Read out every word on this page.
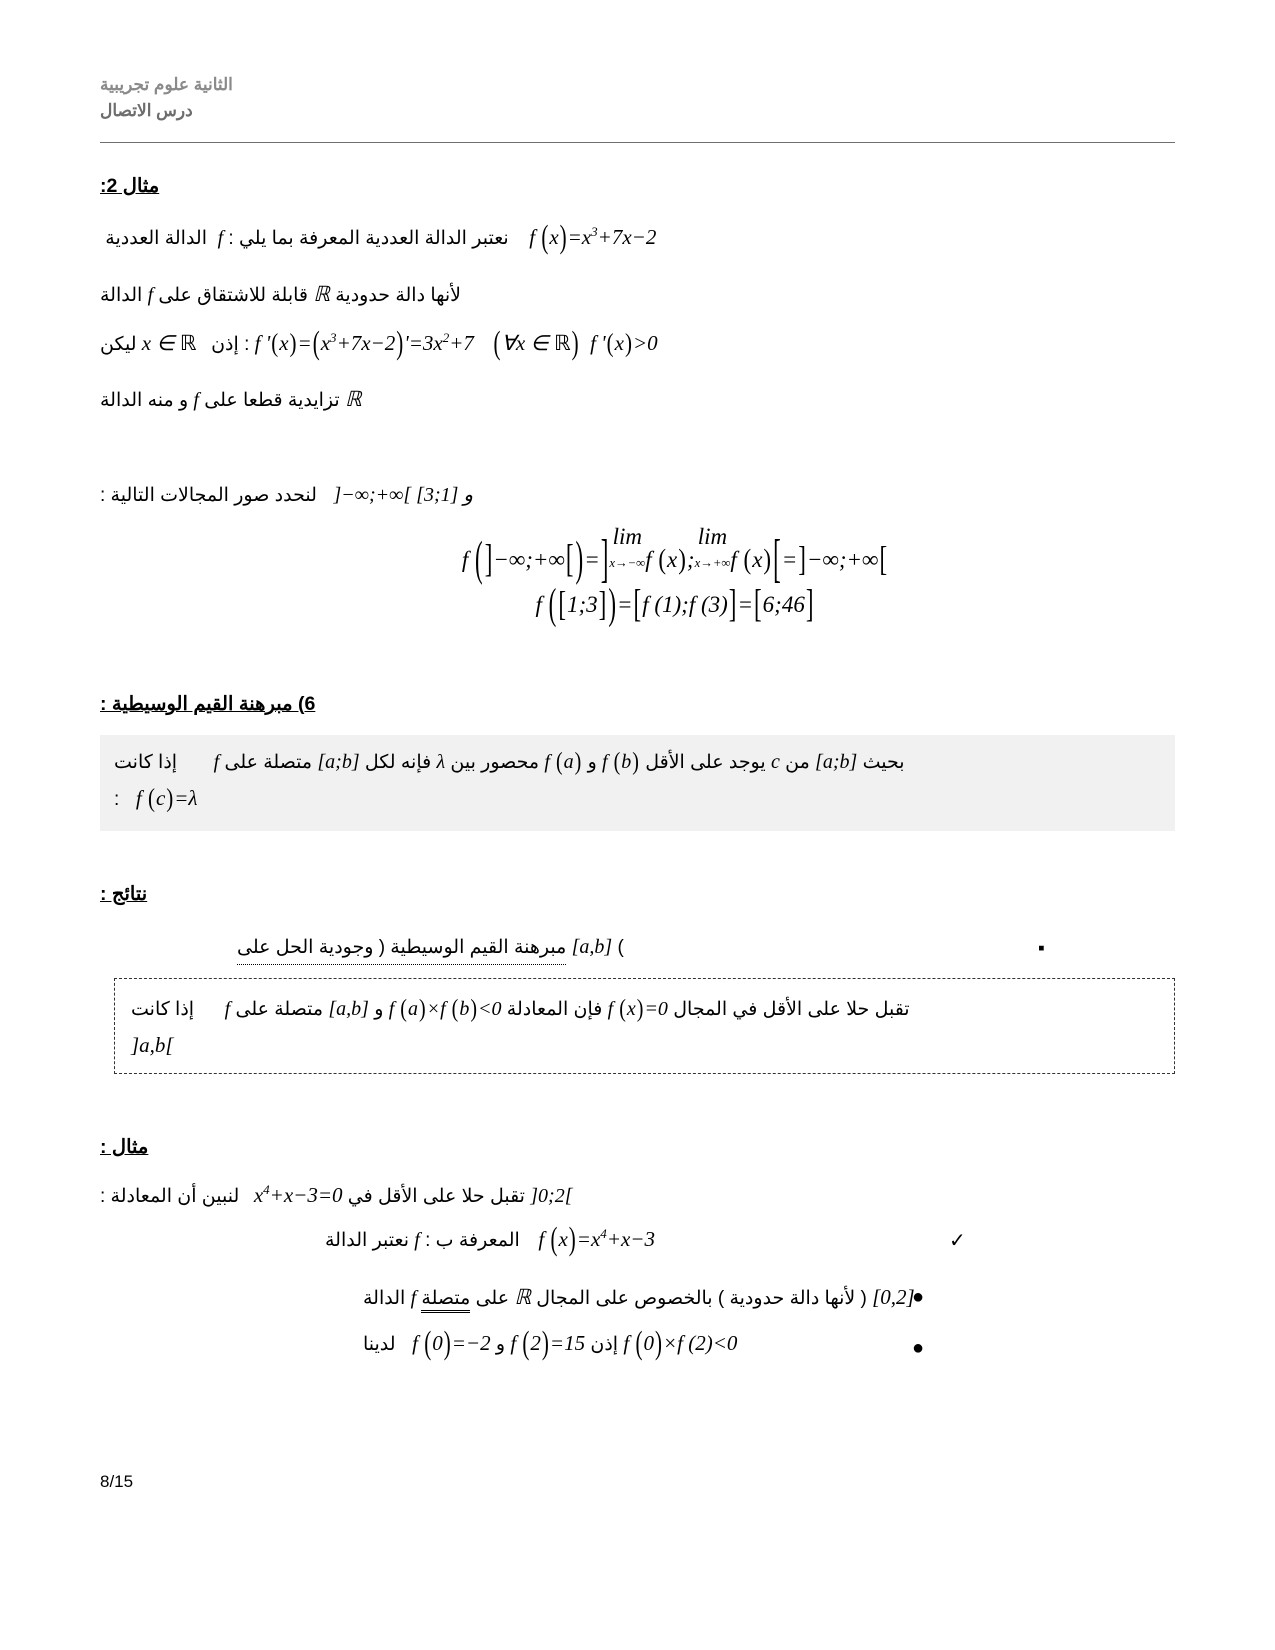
الثانية علوم تجريبية
درس الاتصال
مثال 2:
f $(x)=x^3+7x-2$  نعتبر الدالة العددية المعرفة بما يلي : f  الدالة العددية
لأنها دالة حدودية ℝ قابلة للاشتقاق على f الدالة
(∀x ∈ ℝ)  f '(x)>0  f '$(x)=(x^3+7x-2)'=3x^2+7$ : إذن  x ∈ ℝ ليكن
ℝ تزايدية قطعا على f و منه الدالة
]−∞;+∞[ و [1;3]  لنحدد صور المجالات التالية :
f (]−∞;+∞[)=] lim
x→−∞f (x);lim
x→+∞f (x)[=]−∞;+∞[
f ([1;3])=[f (1);f (3)]=[6;46]
6) مبرهنة القيم الوسيطية :
بحيث [a;b] من c يوجد على الأقل f (b) و f (a) محصور بين λ فإنه لكل [a;b] متصلة على f  إذا كانت
f (c)=λ  :
نتائج :
▪
) [a,b] مبرهنة القيم الوسيطية ( وجودية الحل على
تقبل حلا على الأقل في المجال f (x)=0 فإن المعادلة f (a)×f (b)<0 و [a,b] متصلة على f  إذا كانت
]a,b[
مثال :
]0;2[ تقبل حلا على الأقل في $x^4+x-3=0$  لنبين أن المعادلة :
✓
f $(x)=x^4+x-3$  المعرفة ب : f نعتبر الدالة
●
[0,2] ( لأنها دالة حدودية ) بالخصوص على المجال ℝ على متصلة f الدالة
●
f (0)×f (2)<0 إذن f (2)=15 و f (0)=−2  لدينا
8/15
